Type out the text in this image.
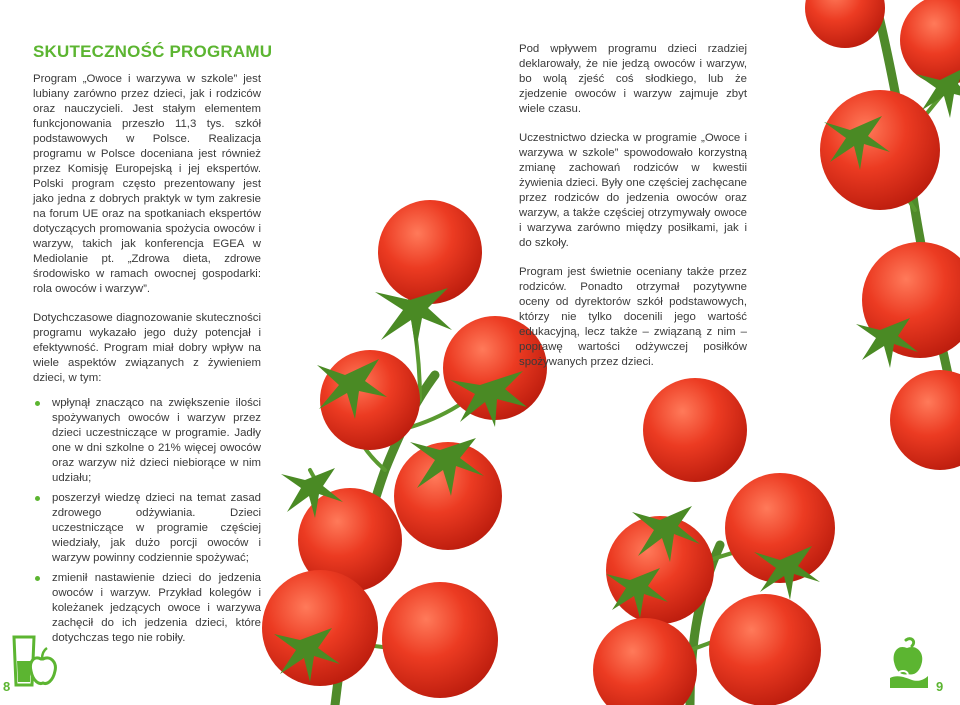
SKUTECZNOŚĆ PROGRAMU

Program „Owoce i warzywa w szkole” jest lubiany zarówno przez dzieci, jak i rodziców oraz nauczycieli. Jest stałym elementem funkcjonowania przeszło 11,3 tys. szkół podstawowych w Polsce. Realizacja programu w Polsce doceniana jest również przez Komisję Europejską i jej ekspertów. Polski program często prezentowany jest jako jedna z dobrych praktyk w tym zakresie na forum UE oraz na spotkaniach ekspertów dotyczących promowania spożycia owoców i warzyw, takich jak konferencja EGEA w Mediolanie pt. „Zdrowa dieta, zdrowe środowisko w ramach owocnej gospodarki: rola owoców i warzyw”.

Dotychczasowe diagnozowanie skuteczności programu wykazało jego duży potencjał i efektywność. Program miał dobry wpływ na wiele aspektów związanych z żywieniem dzieci, w tym:

wpłynął znacząco na zwiększenie ilości spożywanych owoców i warzyw przez dzieci uczestniczące w programie. Jadły one w dni szkolne o 21% więcej owoców oraz warzyw niż dzieci niebiorące w nim udziału;
poszerzył wiedzę dzieci na temat zasad zdrowego odżywiania. Dzieci uczestniczące w programie częściej wiedziały, jak dużo porcji owoców i warzyw powinny codziennie spożywać;
zmienił nastawienie dzieci do jedzenia owoców i warzyw. Przykład kolegów i koleżanek jedzących owoce i warzywa zachęcił do ich jedzenia dzieci, które dotychczas tego nie robiły.

Pod wpływem programu dzieci rzadziej deklarowały, że nie jedzą owoców i warzyw, bo wolą zjeść coś słodkiego, lub że zjedzenie owoców i warzyw zajmuje zbyt wiele czasu.

Uczestnictwo dziecka w programie „Owoce i warzywa w szkole” spowodowało korzystną zmianę zachowań rodziców w kwestii żywienia dzieci. Były one częściej zachęcane przez rodziców do jedzenia owoców oraz warzyw, a także częściej otrzymywały owoce i warzywa zarówno między posiłkami, jak i do szkoły.

Program jest świetnie oceniany także przez rodziców. Ponadto otrzymał pozytywne oceny od dyrektorów szkół podstawowych, którzy nie tylko docenili jego wartość edukacyjną, lecz także – związaną z nim – poprawę wartości odżywczej posiłków spożywanych przez dzieci.

8	9
